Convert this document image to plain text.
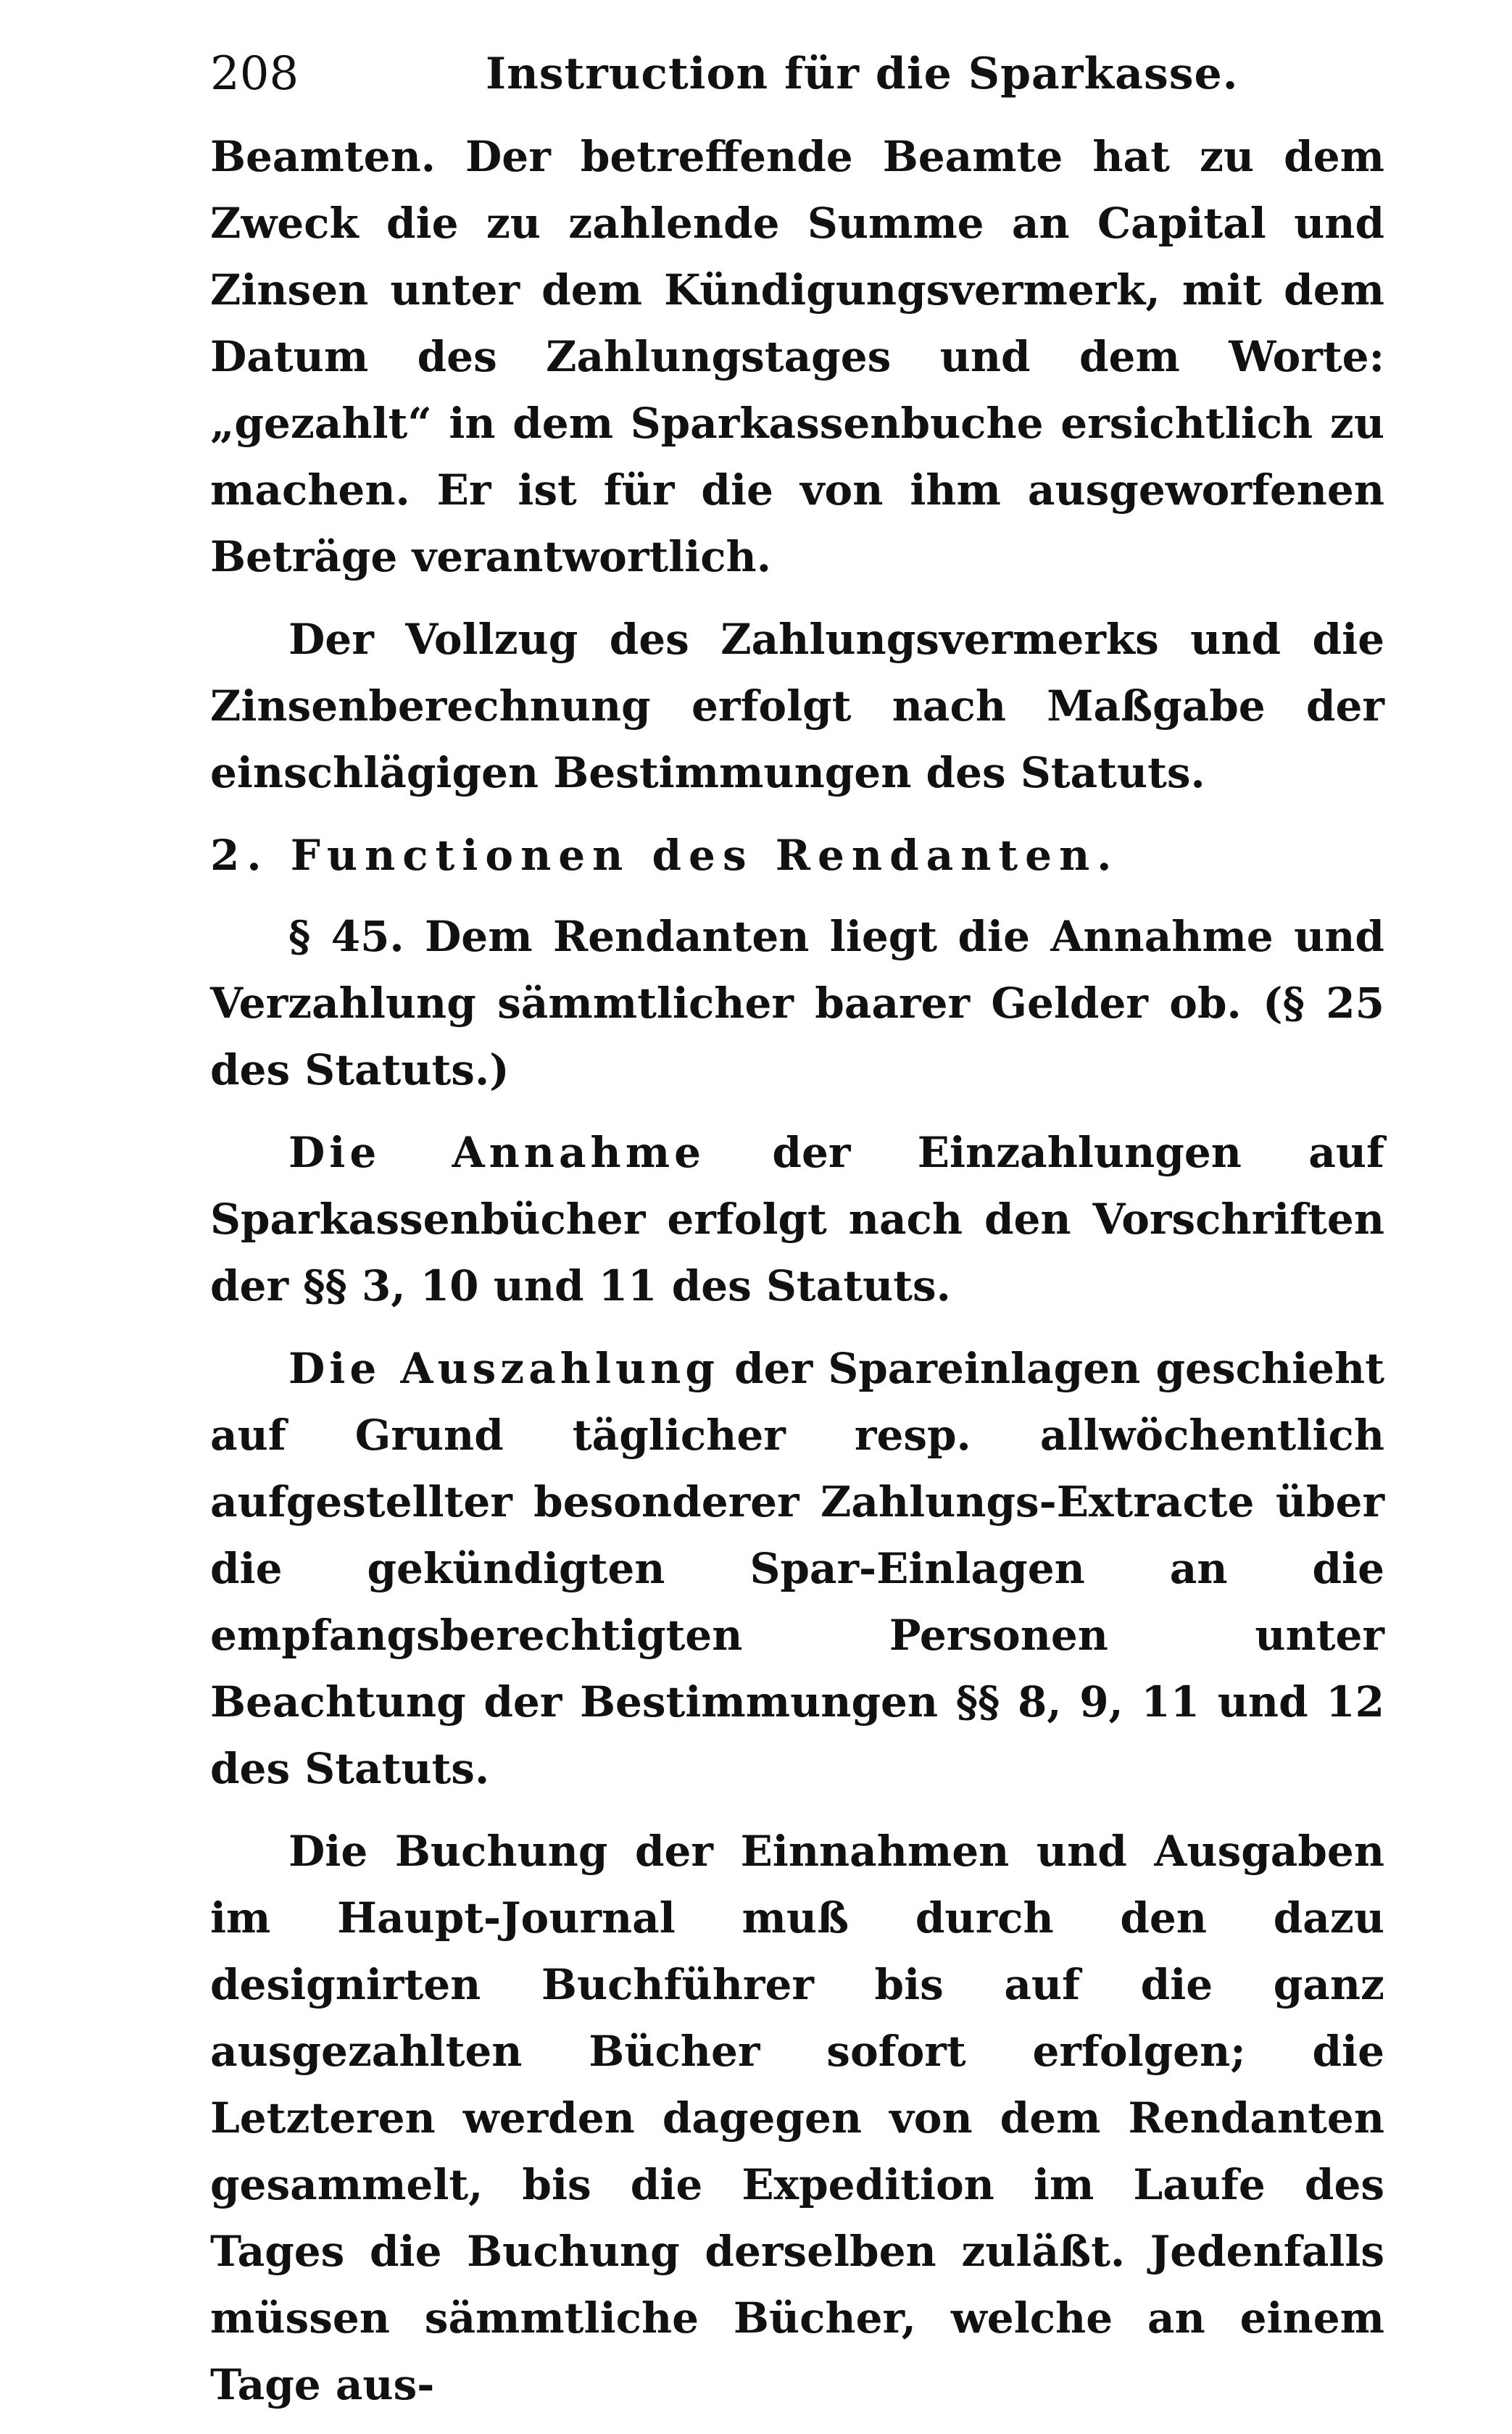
208	Instruction für die Sparkasse.

Beamten. Der betreffende Beamte hat zu dem Zweck die zu zahlende Summe an Capital und Zinsen unter dem Kündigungsvermerk, mit dem Datum des Zahlungstages und dem Worte: „gezahlt“ in dem Sparkassenbuche ersichtlich zu machen. Er ist für die von ihm ausgeworfenen Beträge verantwortlich.

Der Vollzug des Zahlungsvermerks und die Zinsenberechnung erfolgt nach Maßgabe der einschlägigen Bestimmungen des Statuts.

2. Functionen des Rendanten.

§ 45. Dem Rendanten liegt die Annahme und Verzahlung sämmtlicher baarer Gelder ob. (§ 25 des Statuts.)

Die Annahme der Einzahlungen auf Sparkassenbücher erfolgt nach den Vorschriften der §§ 3, 10 und 11 des Statuts.

Die Auszahlung der Spareinlagen geschieht auf Grund täglicher resp. allwöchentlich aufgestellter besonderer Zahlungs-Extracte über die gekündigten Spar-Einlagen an die empfangsberechtigten Personen unter Beachtung der Bestimmungen §§ 8, 9, 11 und 12 des Statuts.

Die Buchung der Einnahmen und Ausgaben im Haupt-Journal muß durch den dazu designirten Buchführer bis auf die ganz ausgezahlten Bücher sofort erfolgen; die Letzteren werden dagegen von dem Rendanten gesammelt, bis die Expedition im Laufe des Tages die Buchung derselben zuläßt. Jedenfalls müssen sämmtliche Bücher, welche an einem Tage aus-
